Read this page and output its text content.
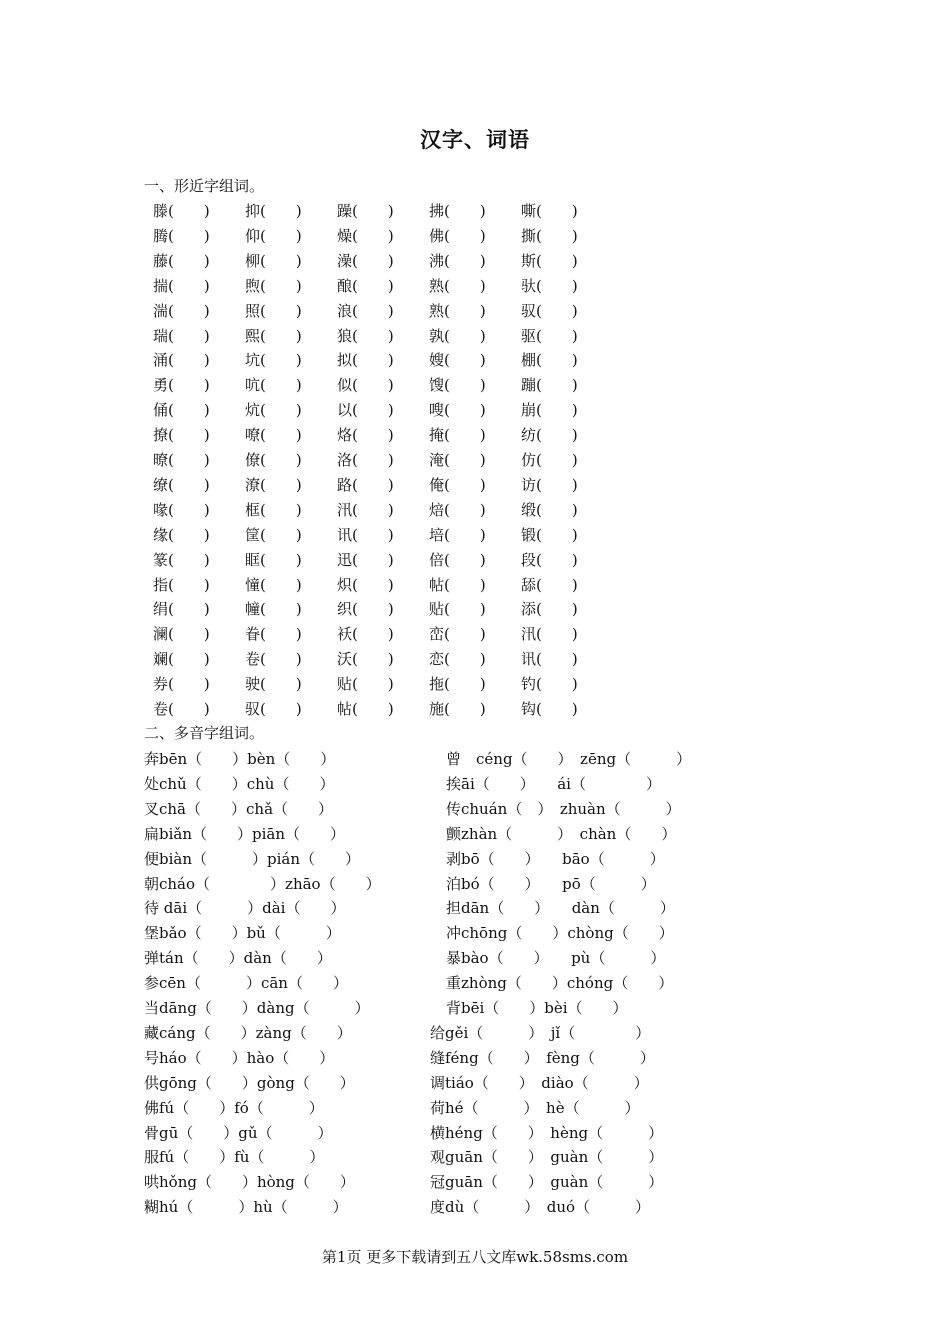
汉字、词语
一、形近字组词。
滕(　　) 抑(　　) 躁(　　) 拂(　　) 嘶(　　)
腾(　　) 仰(　　) 燥(　　) 佛(　　) 撕(　　)
藤(　　) 柳(　　) 澡(　　) 沸(　　) 斯(　　)
揣(　　) 煦(　　) 酿(　　) 熟(　　) 驮(　　)
湍(　　) 照(　　) 浪(　　) 熟(　　) 驭(　　)
瑞(　　) 熙(　　) 狼(　　) 孰(　　) 驱(　　)
涌(　　) 坑(　　) 拟(　　) 嫂(　　) 棚(　　)
勇(　　) 吭(　　) 似(　　) 馊(　　) 蹦(　　)
俑(　　) 炕(　　) 以(　　) 嗖(　　) 崩(　　)
撩(　　) 嘹(　　) 烙(　　) 掩(　　) 纺(　　)
暸(　　) 僚(　　) 洛(　　) 淹(　　) 仿(　　)
缭(　　) 潦(　　) 路(　　) 俺(　　) 访(　　)
喙(　　) 框(　　) 汛(　　) 焙(　　) 缎(　　)
缘(　　) 筐(　　) 讯(　　) 培(　　) 锻(　　)
篆(　　) 眶(　　) 迅(　　) 倍(　　) 段(　　)
指(　　) 憧(　　) 炽(　　) 帖(　　) 舔(　　)
绢(　　) 幢(　　) 织(　　) 贴(　　) 添(　　)
澜(　　) 眷(　　) 袄(　　) 峦(　　) 汛(　　)
斓(　　) 卷(　　) 沃(　　) 恋(　　) 讯(　　)
券(　　) 驶(　　) 贴(　　) 拖(　　) 钓(　　)
卷(　　) 驭(　　) 帖(　　) 施(　　) 钩(　　)
二、多音字组词。
奔bēn（　　）bèn（　　）	曾　céng（　　）　zēng（　　　）
处chǔ（　　）chù（　　）	挨āi（　　）　　ái（　　　　）
叉chā（　　）chǎ（　　）	传chuán（　）　zhuàn（　　　）
扁biǎn（　　）piān（　　）	颤zhàn（　　　）　chàn（　　）
便biàn（　　　）pián（　　）	剥bō（　　）　　bāo（　　　）
朝cháo（　　　　）zhāo（　　）	泊bó（　　）　　pō（　　　）
待 dāi（　　　）dài（　　）	担dān（　　）　　dàn（　　　）
堡bǎo（　　）bǔ（　　　）	冲chōng（　　）chòng（　　）
弹tán（　　）dàn（　　）	暴bào（　　）　　pù（　　　）
参cēn（　　　）cān（　　）	重zhòng（　　）chóng（　　）
当dāng（　　）dàng（　　　）	背bēi（　　）bèi（　　）
藏cáng（　　）zàng（　　）	给gěi（　　　）　jǐ（　　　　）
号háo（　　）hào（　　）	缝féng（　　）　fèng（　　　）
供gōng（　　）gòng（　　）	调tiáo（　　）　diào（　　　）
佛fú（　　）fó（　　　）	荷hé（　　　）　hè（　　　）
骨gū（　　）gǔ（　　　）	横héng（　　）　hèng（　　　）
服fú（　　）fù（　　　）	观guān（　　）　guàn（　　　）
哄hǒng（　　）hòng（　　）	冠guān（　　）　guàn（　　　）
糊hú（　　　）hù（　　　）	度dù（　　　）　duó（　　　）
第1页 更多下载请到五八文库wk.58sms.com
